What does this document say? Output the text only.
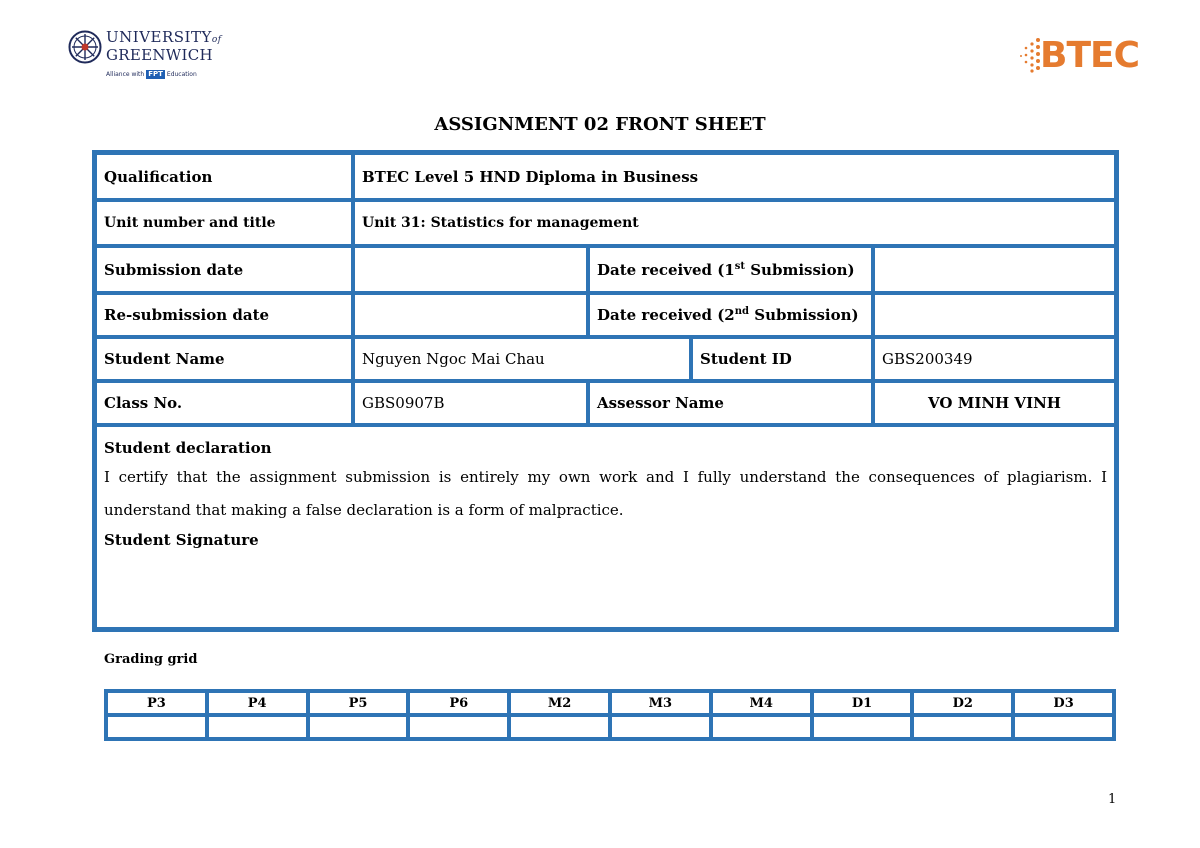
UNIVERSITYof
GREENWICH
Alliance with FPT Education	BTEC
ASSIGNMENT 02 FRONT SHEET
Qualification	BTEC Level 5 HND Diploma in Business			
Unit number and title	Unit 31: Statistics for management			
Submission date		Date received (1st Submission)		
Re-submission date		Date received (2nd Submission)		
Student Name	Nguyen Ngoc Mai Chau		Student ID	GBS200349
Class No.	GBS0907B	Assessor Name		VO MINH VINH

Student declaration
I certify that the assignment submission is entirely my own work and I fully understand the consequences of plagiarism. I understand that making a false declaration is a form of malpractice.
Student Signature				
Grading grid
P3	P4	P5	P6	M2	M3	M4	D1	D2	D3

1
